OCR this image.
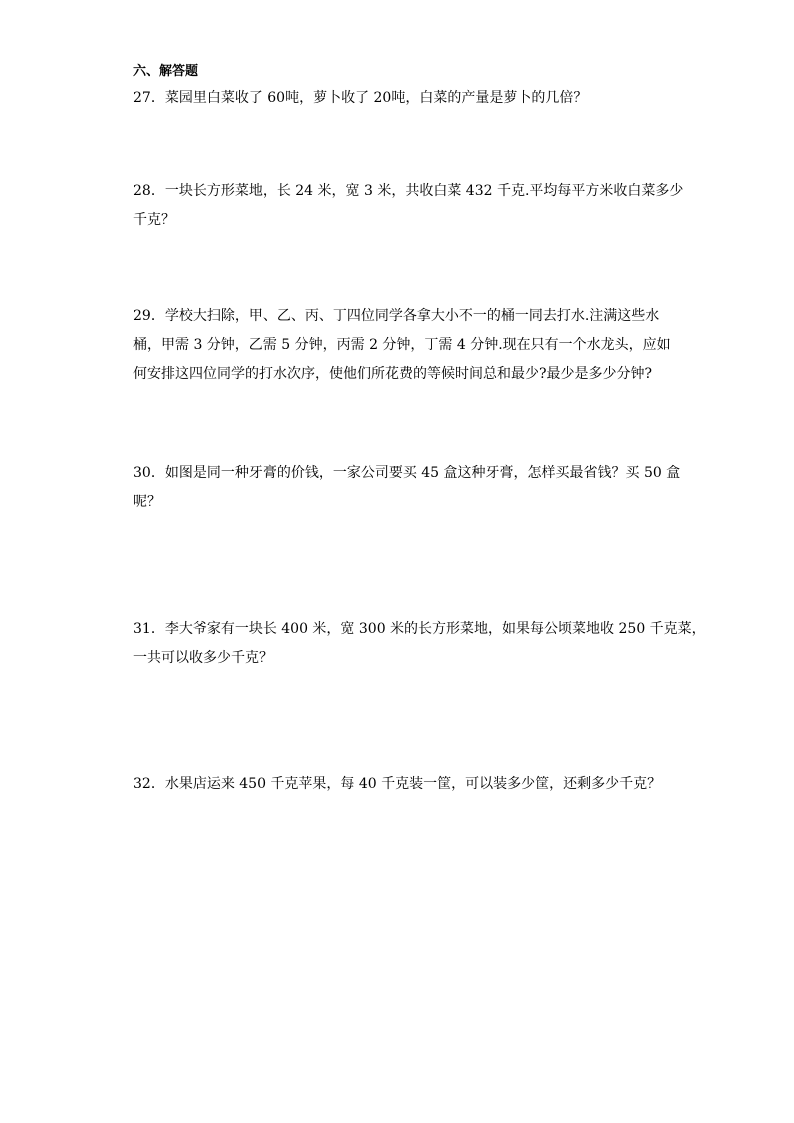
六、解答题
27．菜园里白菜收了 60吨，萝卜收了 20吨，白菜的产量是萝卜的几倍？
28．一块长方形菜地，长 24 米，宽 3 米，共收白菜 432 千克.平均每平方米收白菜多少
千克？
29．学校大扫除，甲、乙、丙、丁四位同学各拿大小不一的桶一同去打水.注满这些水
桶，甲需 3 分钟，乙需 5 分钟，丙需 2 分钟，丁需 4 分钟.现在只有一个水龙头，应如
何安排这四位同学的打水次序，使他们所花费的等候时间总和最少?最少是多少分钟?
30．如图是同一种牙膏的价钱，一家公司要买 45 盒这种牙膏，怎样买最省钱？买 50 盒
呢？
31．李大爷家有一块长 400 米，宽 300 米的长方形菜地，如果每公顷菜地收 250 千克菜，
一共可以收多少千克？
32．水果店运来 450 千克苹果，每 40 千克装一筐，可以装多少筐，还剩多少千克？
